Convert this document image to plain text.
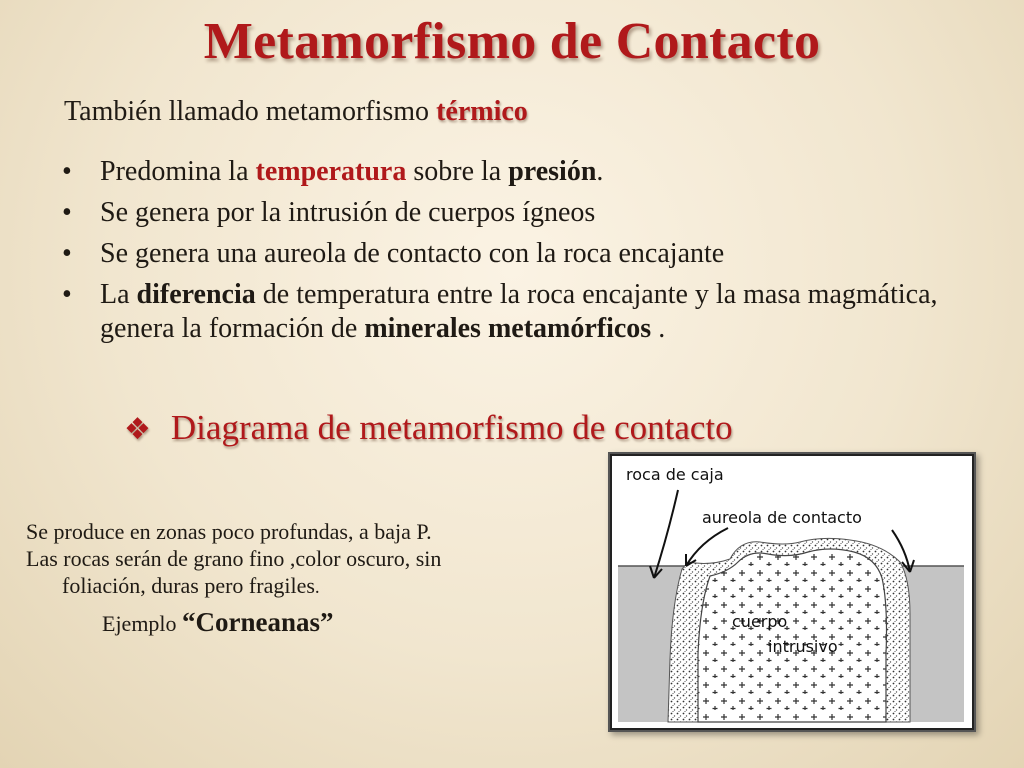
Metamorfismo de Contacto
También llamado metamorfismo térmico
• Predomina la temperatura sobre la presión.
• Se genera por la intrusión de cuerpos ígneos
• Se genera una aureola de contacto con la roca encajante
• La diferencia de temperatura entre la roca encajante y la masa magmática, genera la formación de minerales metamórficos .
❖ Diagrama de metamorfismo de contacto

Se produce en zonas poco profundas, a baja P.

Las rocas serán de grano fino ,color oscuro, sin

foliación, duras pero fragiles.

Ejemplo “Corneanas”

roca de caja
aureola de contacto
cuerpo
intrusivo
